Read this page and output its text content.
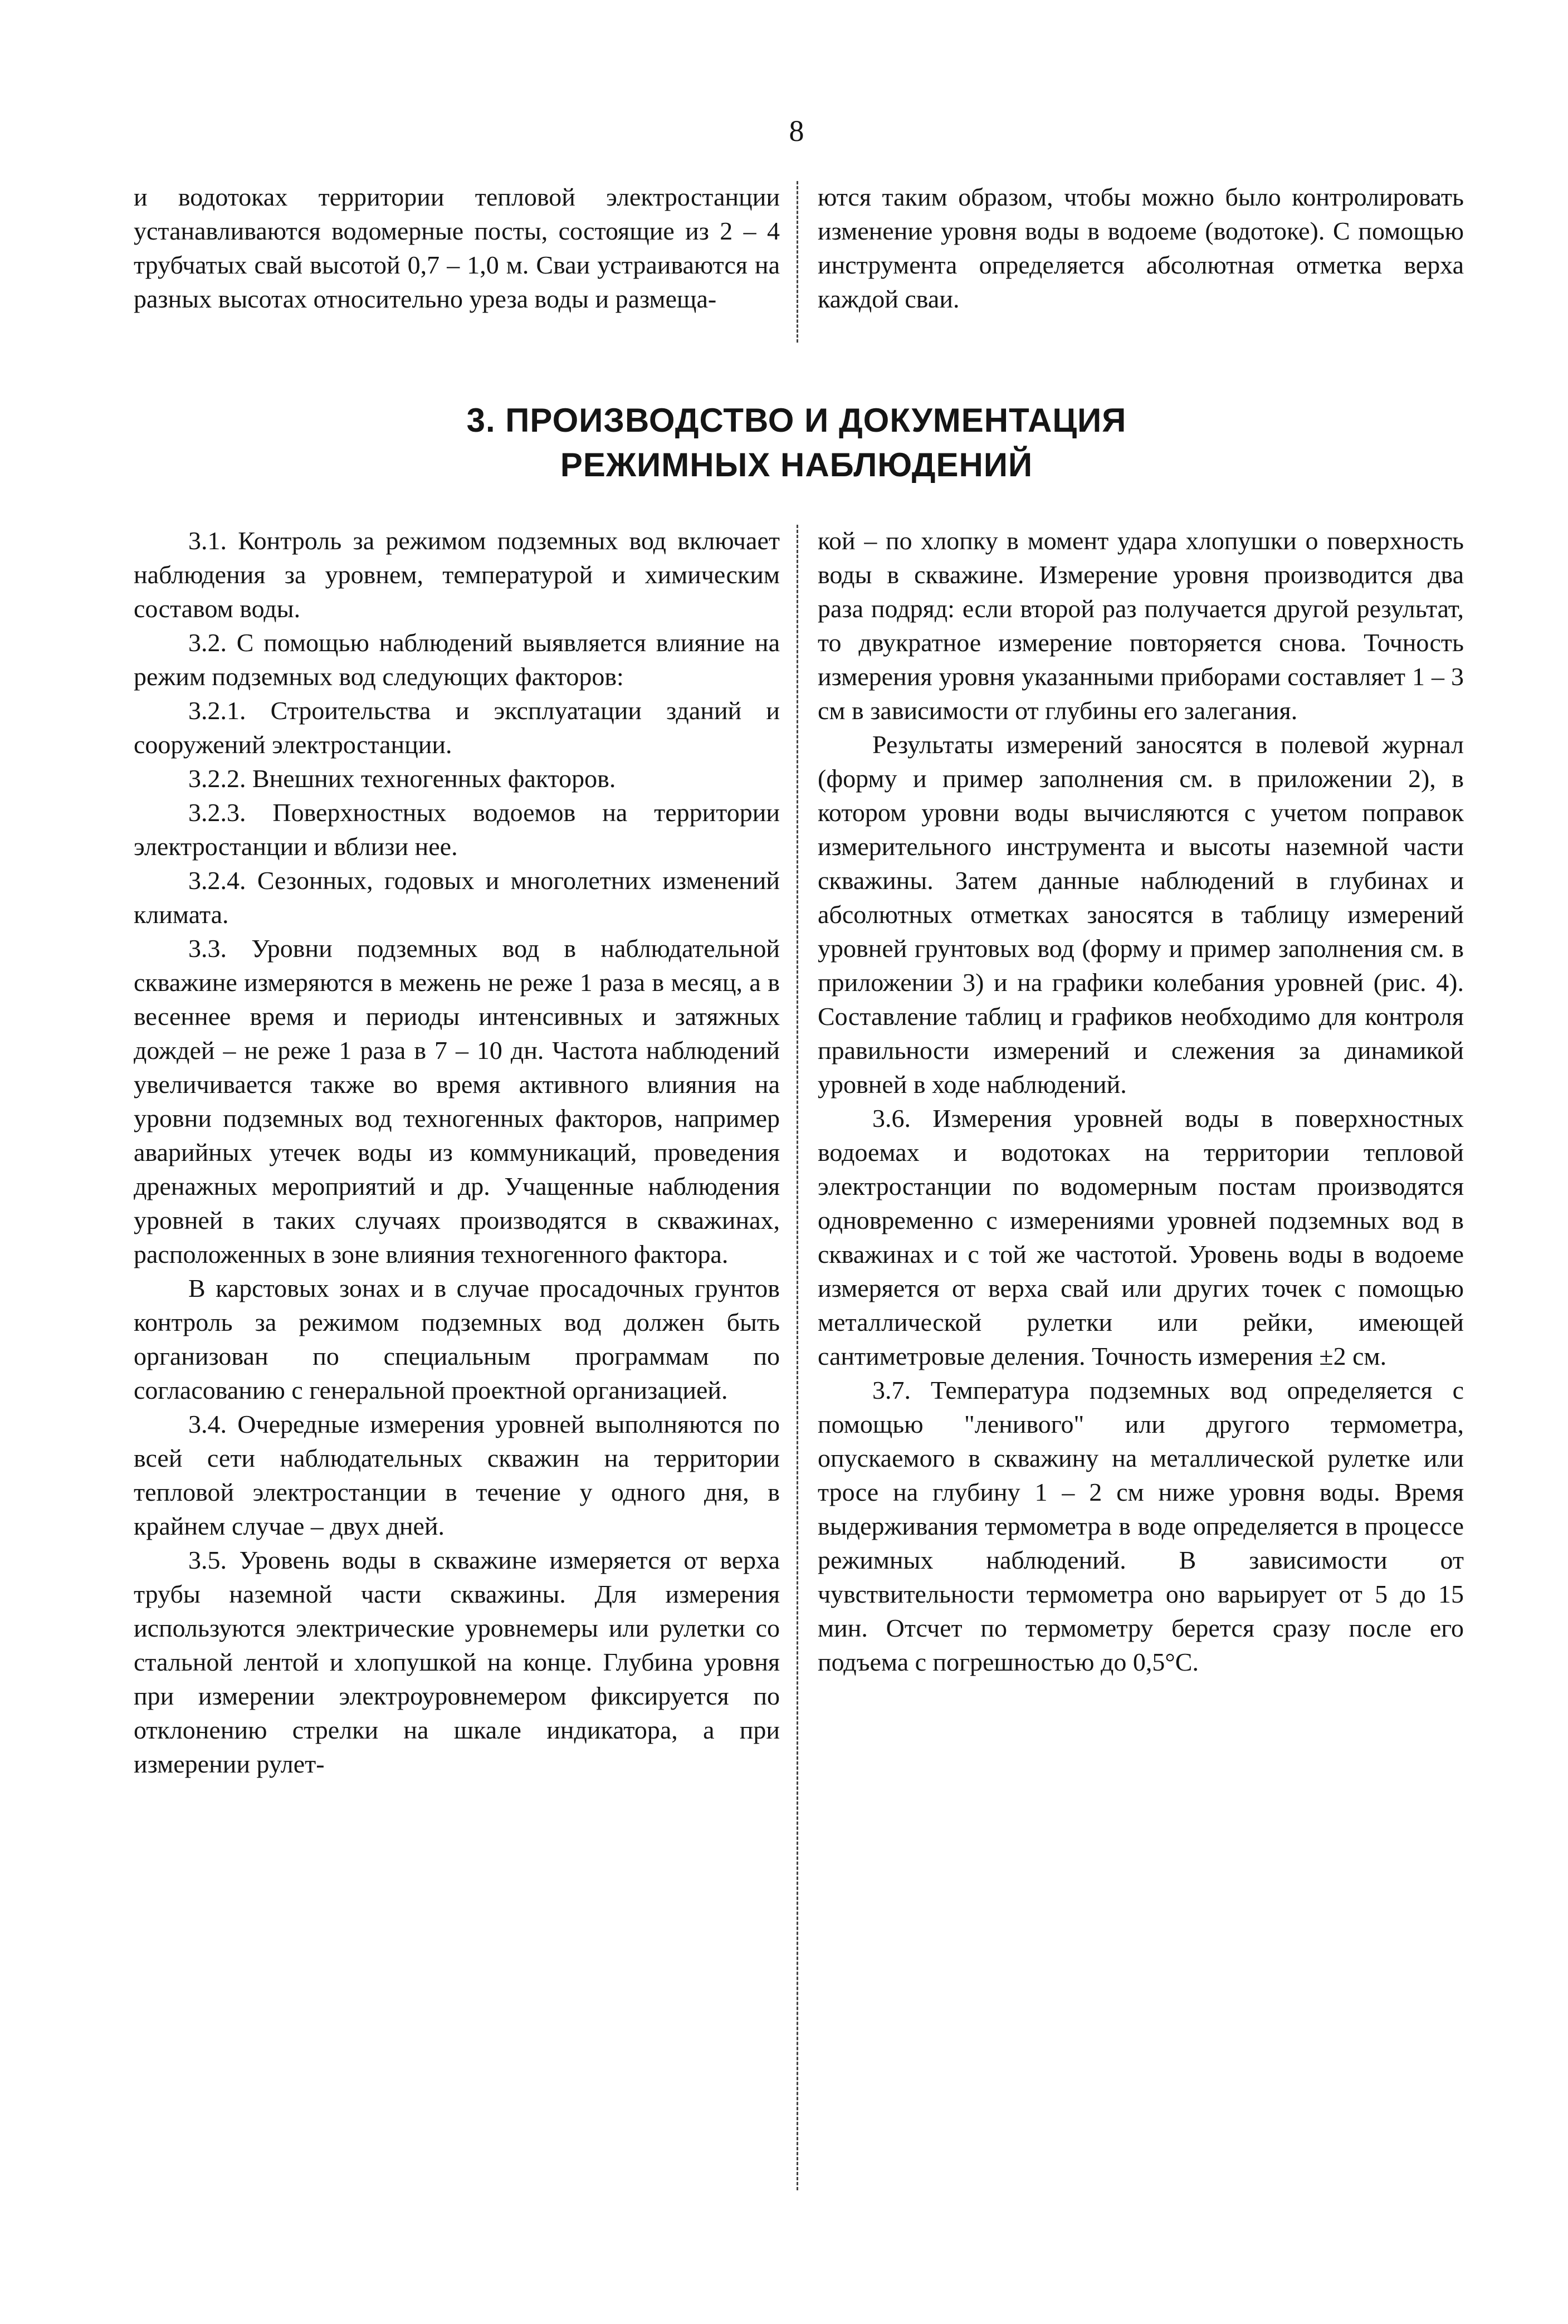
8

и водотоках территории тепловой электростанции устанавливаются водомерные посты, состоящие из 2 – 4 трубчатых свай высотой 0,7 – 1,0 м. Сваи устраиваются на разных высотах относительно уреза воды и размеща-

ются таким образом, чтобы можно было контролировать изменение уровня воды в водоеме (водотоке). С помощью инструмента определяется абсолютная отметка верха каждой сваи.

3. ПРОИЗВОДСТВО И ДОКУМЕНТАЦИЯ
РЕЖИМНЫХ НАБЛЮДЕНИЙ

3.1. Контроль за режимом подземных вод включает наблюдения за уровнем, температурой и химическим составом воды.

3.2. С помощью наблюдений выявляется влияние на режим подземных вод следующих факторов:

3.2.1. Строительства и эксплуатации зданий и сооружений электростанции.

3.2.2. Внешних техногенных факторов.

3.2.3. Поверхностных водоемов на территории электростанции и вблизи нее.

3.2.4. Сезонных, годовых и многолетних изменений климата.

3.3. Уровни подземных вод в наблюдательной скважине измеряются в межень не реже 1 раза в месяц, а в весеннее время и периоды интенсивных и затяжных дождей – не реже 1 раза в 7 – 10 дн. Частота наблюдений увеличивается также во время активного влияния на уровни подземных вод техногенных факторов, например аварийных утечек воды из коммуникаций, проведения дренажных мероприятий и др. Учащенные наблюдения уровней в таких случаях производятся в скважинах, расположенных в зоне влияния техногенного фактора.

В карстовых зонах и в случае просадочных грунтов контроль за режимом подземных вод должен быть организован по специальным программам по согласованию с генеральной проектной организацией.

3.4. Очередные измерения уровней выполняются по всей сети наблюдательных скважин на территории тепловой электростанции в течение у одного дня, в крайнем случае – двух дней.

3.5. Уровень воды в скважине измеряется от верха трубы наземной части скважины. Для измерения используются электрические уровнемеры или рулетки со стальной лентой и хлопушкой на конце. Глубина уровня при измерении электроуровнемером фиксируется по отклонению стрелки на шкале индикатора, а при измерении рулет-

кой – по хлопку в момент удара хлопушки о поверхность воды в скважине. Измерение уровня производится два раза подряд: если второй раз получается другой результат, то двукратное измерение повторяется снова. Точность измерения уровня указанными приборами составляет 1 – 3 см в зависимости от глубины его залегания.

Результаты измерений заносятся в полевой журнал (форму и пример заполнения см. в приложении 2), в котором уровни воды вычисляются с учетом поправок измерительного инструмента и высоты наземной части скважины. Затем данные наблюдений в глубинах и абсолютных отметках заносятся в таблицу измерений уровней грунтовых вод (форму и пример заполнения см. в приложении 3) и на графики колебания уровней (рис. 4). Составление таблиц и графиков необходимо для контроля правильности измерений и слежения за динамикой уровней в ходе наблюдений.

3.6. Измерения уровней воды в поверхностных водоемах и водотоках на территории тепловой электростанции по водомерным постам производятся одновременно с измерениями уровней подземных вод в скважинах и с той же частотой. Уровень воды в водоеме измеряется от верха свай или других точек с помощью металлической рулетки или рейки, имеющей сантиметровые деления. Точность измерения ±2 см.

3.7. Температура подземных вод определяется с помощью "ленивого" или другого термометра, опускаемого в скважину на металлической рулетке или тросе на глубину 1 – 2 см ниже уровня воды. Время выдерживания термометра в воде определяется в процессе режимных наблюдений. В зависимости от чувствительности термометра оно варьирует от 5 до 15 мин. Отсчет по термометру берется сразу после его подъема с погрешностью до 0,5°С.
